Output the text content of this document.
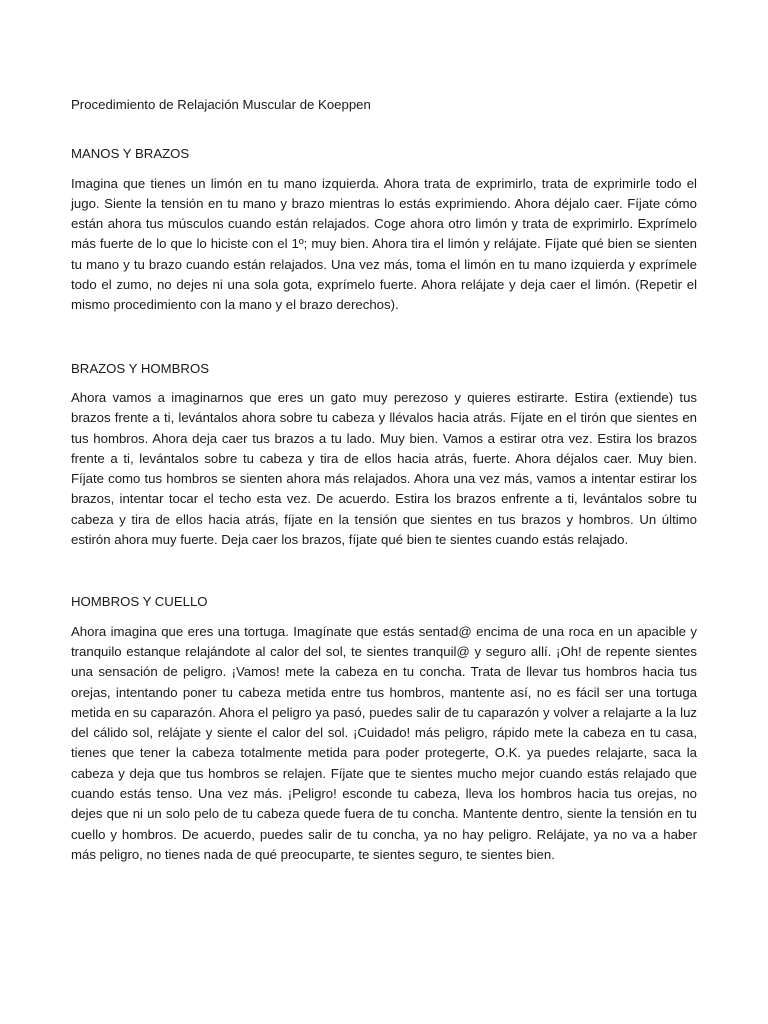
Procedimiento de Relajación Muscular de Koeppen

MANOS Y BRAZOS

Imagina que tienes un limón en tu mano izquierda. Ahora trata de exprimirlo, trata de exprimirle todo el jugo. Siente la tensión en tu mano y brazo mientras lo estás exprimiendo. Ahora déjalo caer. Fíjate cómo están ahora tus músculos cuando están relajados. Coge ahora otro limón y trata de exprimirlo. Exprímelo más fuerte de lo que lo hiciste con el 1º; muy bien. Ahora tira el limón y relájate. Fíjate qué bien se sienten tu mano y tu brazo cuando están relajados. Una vez más, toma el limón en tu mano izquierda y exprímele todo el zumo, no dejes ni una sola gota, exprímelo fuerte. Ahora relájate y deja caer el limón. (Repetir el mismo procedimiento con la mano y el brazo derechos).

BRAZOS Y HOMBROS

Ahora vamos a imaginarnos que eres un gato muy perezoso y quieres estirarte. Estira (extiende) tus brazos frente a ti, levántalos ahora sobre tu cabeza y llévalos hacia atrás. Fíjate en el tirón que sientes en tus hombros. Ahora deja caer tus brazos a tu lado. Muy bien. Vamos a estirar otra vez. Estira los brazos frente a ti, levántalos sobre tu cabeza y tira de ellos hacia atrás, fuerte. Ahora déjalos caer. Muy bien. Fíjate como tus hombros se sienten ahora más relajados. Ahora una vez más, vamos a intentar estirar los brazos, intentar tocar el techo esta vez. De acuerdo. Estira los brazos enfrente a ti, levántalos sobre tu cabeza y tira de ellos hacia atrás, fíjate en la tensión que sientes en tus brazos y hombros. Un último estirón ahora muy fuerte. Deja caer los brazos, fíjate qué bien te sientes cuando estás relajado.

HOMBROS Y CUELLO

Ahora imagina que eres una tortuga. Imagínate que estás sentad@ encima de una roca en un apacible y tranquilo estanque relajándote al calor del sol, te sientes tranquil@ y seguro allí. ¡Oh! de repente sientes una sensación de peligro. ¡Vamos! mete la cabeza en tu concha. Trata de llevar tus hombros hacia tus orejas, intentando poner tu cabeza metida entre tus hombros, mantente así, no es fácil ser una tortuga metida en su caparazón. Ahora el peligro ya pasó, puedes salir de tu caparazón y volver a relajarte a la luz del cálido sol, relájate y siente el calor del sol. ¡Cuidado! más peligro, rápido mete la cabeza en tu casa, tienes que tener la cabeza totalmente metida para poder protegerte, O.K. ya puedes relajarte, saca la cabeza y deja que tus hombros se relajen. Fíjate que te sientes mucho mejor cuando estás relajado que cuando estás tenso. Una vez más. ¡Peligro! esconde tu cabeza, lleva los hombros hacia tus orejas, no dejes que ni un solo pelo de tu cabeza quede fuera de tu concha. Mantente dentro, siente la tensión en tu cuello y hombros. De acuerdo, puedes salir de tu concha, ya no hay peligro. Relájate, ya no va a haber más peligro, no tienes nada de qué preocuparte, te sientes seguro, te sientes bien.
